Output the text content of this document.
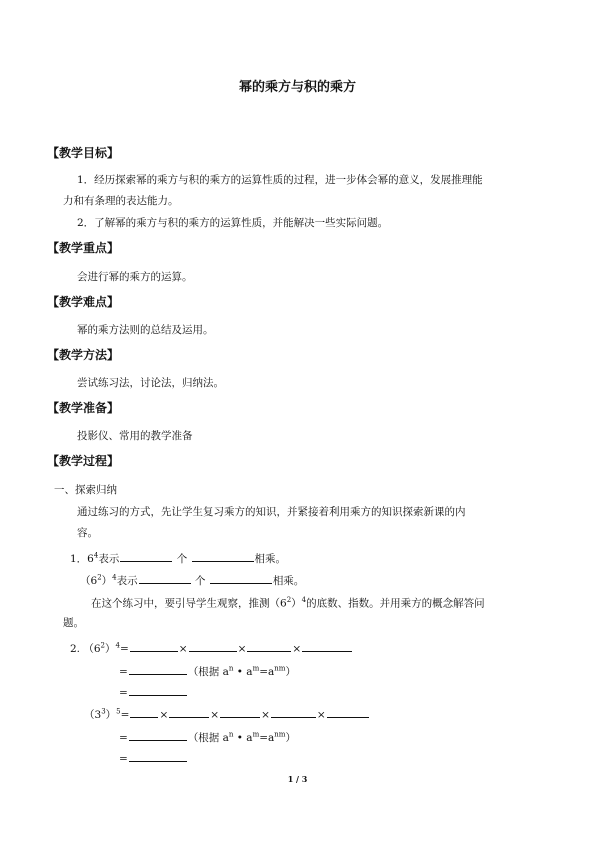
幂的乘方与积的乘方
【教学目标】
1．经历探索幂的乘方与积的乘方的运算性质的过程，进一步体会幂的意义，发展推理能
力和有条理的表达能力。
2．了解幂的乘方与积的乘方的运算性质，并能解决一些实际问题。
【教学重点】
会进行幂的乘方的运算。
【教学难点】
幂的乘方法则的总结及运用。
【教学方法】
尝试练习法，讨论法，归纳法。
【教学准备】
投影仪、常用的教学准备
【教学过程】
一、探索归纳
通过练习的方式，先让学生复习乘方的知识，并紧接着利用乘方的知识探索新课的内
容。
1．$6^4$表示	个	相乘。
$(6^2)^4$表示	个	相乘。
在这个练习中，要引导学生观察，推测$(6^2)^4$的底数、指数。并用乘方的概念解答问
题。
2. $(6^2)^4=$	×	×	×
=	（根据 $a^n$ • $a^m=a^{nm}$）
=
$(3^3)^5=$	×	×	×	×
=	（根据 $a^n$ • $a^m=a^{nm}$）
=
1 / 3
